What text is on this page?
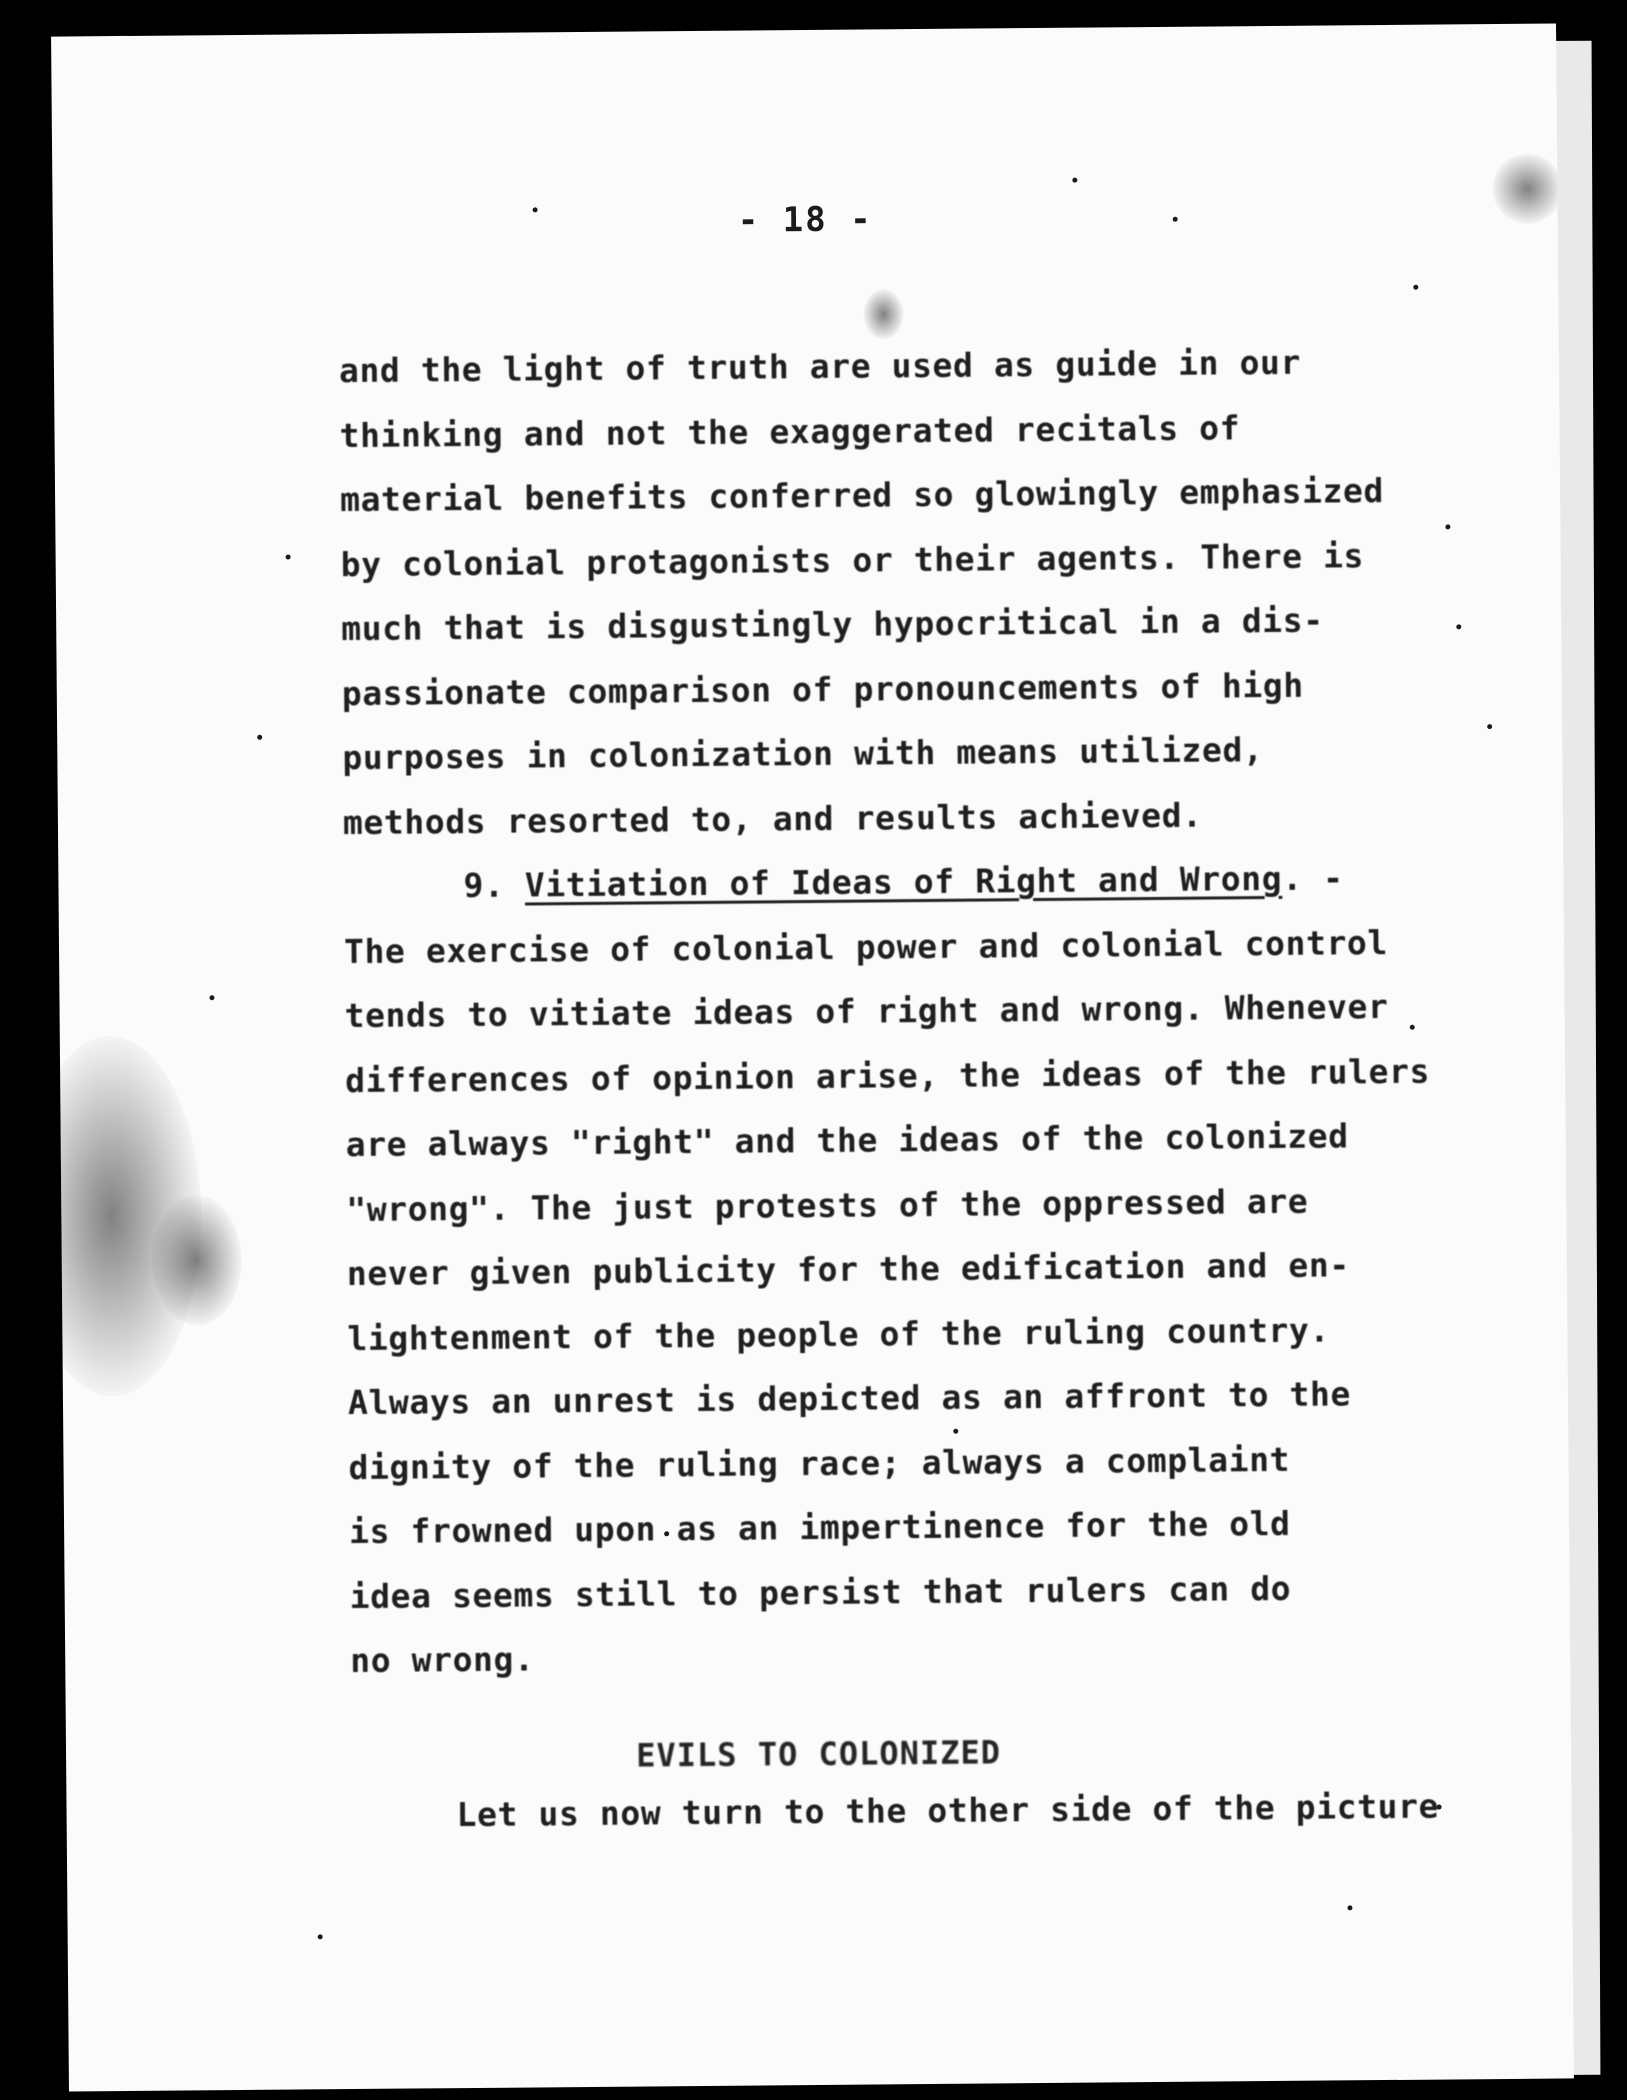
- 18 -
and the light of truth are used as guide in our
thinking and not the exaggerated recitals of
material benefits conferred so glowingly emphasized
by colonial protagonists or their agents. There is
much that is disgustingly hypocritical in a dis-
passionate comparison of pronouncements of high
purposes in colonization with means utilized,
methods resorted to, and results achieved.
9. Vitiation of Ideas of Right and Wrong. -
The exercise of colonial power and colonial control
tends to vitiate ideas of right and wrong. Whenever
differences of opinion arise, the ideas of the rulers
are always "right" and the ideas of the colonized
"wrong". The just protests of the oppressed are
never given publicity for the edification and en-
lightenment of the people of the ruling country.
Always an unrest is depicted as an affront to the
dignity of the ruling race; always a complaint
is frowned upon as an impertinence for the old
idea seems still to persist that rulers can do
no wrong.
EVILS TO COLONIZED
Let us now turn to the other side of the picture
